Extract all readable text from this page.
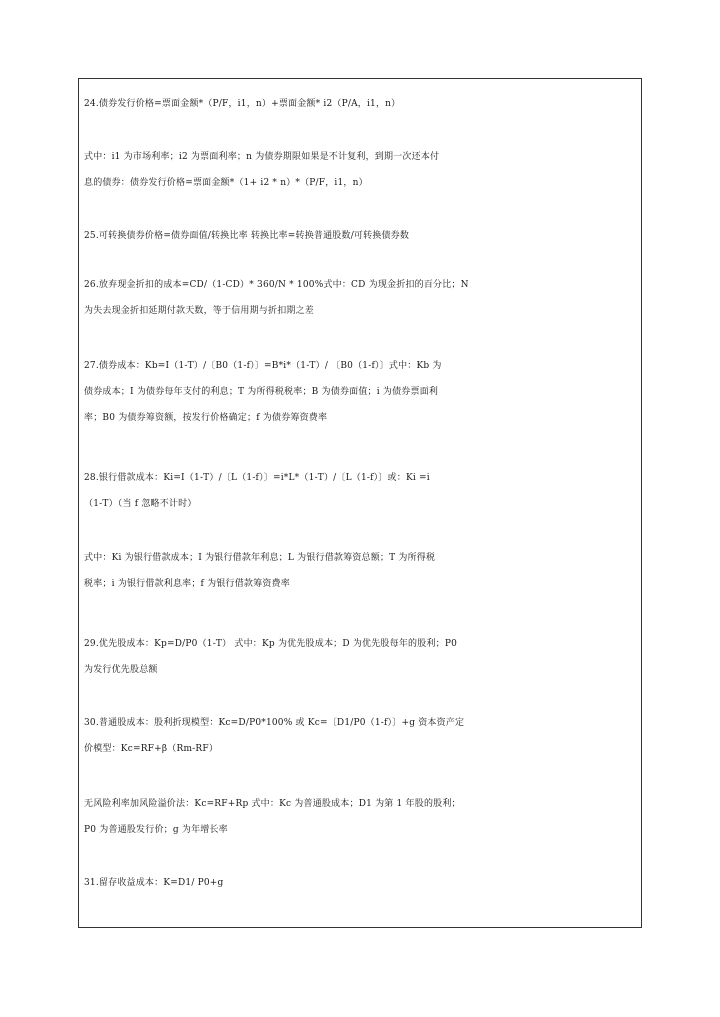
24.债券发行价格=票面金额*（P/F，i1，n）+票面金额* i2（P/A，i1，n）

式中：i1 为市场利率；i2 为票面利率；n 为债券期限如果是不计复利，到期一次还本付
息的债券：债券发行价格=票面金额*（1+ i2 * n）*（P/F，i1，n）

25.可转换债券价格=债券面值/转换比率 转换比率=转换普通股数/可转换债券数

26.放弃现金折扣的成本=CD/（1-CD）* 360/N * 100%式中：CD 为现金折扣的百分比；N
为失去现金折扣延期付款天数，等于信用期与折扣期之差

27.债券成本：Kb=I（1-T）/〔B0（1-f）〕=B*i*（1-T）/ 〔B0（1-f）〕式中：Kb 为
债券成本；I 为债券每年支付的利息；T 为所得税税率；B 为债券面值；i 为债券票面利
率；B0 为债券筹资额，按发行价格确定；f 为债券筹资费率

28.银行借款成本：Ki=I（1-T）/〔L（1-f）〕=i*L*（1-T）/〔L（1-f）〕或：Ki =i
（1-T）（当 f 忽略不计时）

式中：Ki 为银行借款成本；I 为银行借款年利息；L 为银行借款筹资总额；T 为所得税
税率；i 为银行借款利息率；f 为银行借款筹资费率

29.优先股成本：Kp=D/P0（1-T） 式中：Kp 为优先股成本；D 为优先股每年的股利；P0
为发行优先股总额

30.普通股成本：股利折现模型：Kc=D/P0*100% 或 Kc=〔D1/P0（1-f）〕+g 资本资产定
价模型：Kc=RF+β（Rm-RF）

无风险利率加风险溢价法：Kc=RF+Rp 式中：Kc 为普通股成本；D1 为第 1 年股的股利；
P0 为普通股发行价；g 为年增长率

31.留存收益成本：K=D1/ P0+g
